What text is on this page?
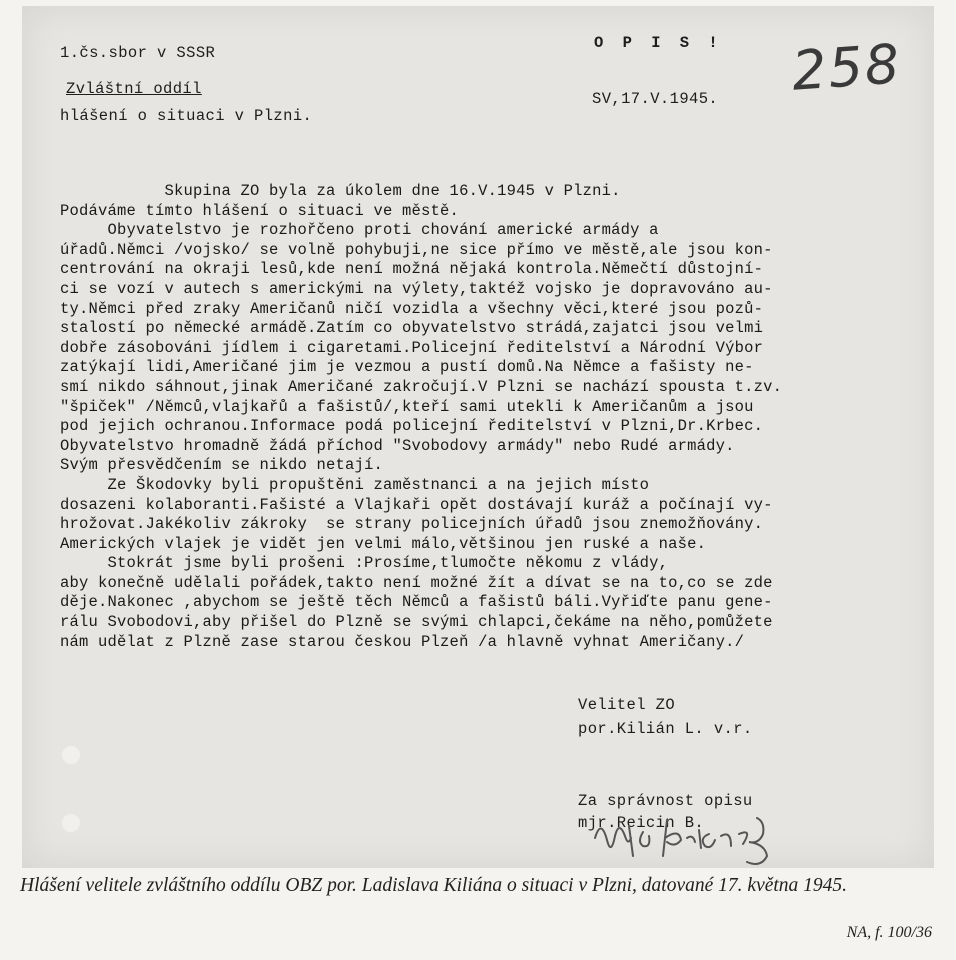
1.čs.sbor v SSSR
Zvláštní oddíl
hlášení o situaci v Plzni.
O P I S !
SV,17.V.1945. 258
Skupina ZO byla za úkolem dne 16.V.1945 v Plzni.
Podáváme tímto hlášení o situaci ve městě.
Obyvatelstvo je rozhořčeno proti chování americké armády a
úřadů.Němci /vojsko/ se volně pohybuji,ne sice přímo ve městě,ale jsou kon-
centrování na okraji lesů,kde není možná nějaká kontrola.Němečtí důstojní-
ci se vozí v autech s americkými na výlety,taktéž vojsko je dopravováno au-
ty.Němci před zraky Američanů ničí vozidla a všechny věci,které jsou pozů-
stalostí po německé armádě.Zatím co obyvatelstvo strádá,zajatci jsou velmi
dobře zásobováni jídlem i cigaretami.Policejní ředitelství a Národní Výbor
zatýkají lidi,Američané jim je vezmou a pustí domů.Na Němce a fašisty ne-
smí nikdo sáhnout,jinak Američané zakročují.V Plzni se nachází spousta t.zv.
"špiček" /Němců,vlajkařů a fašistů/,kteří sami utekli k Američanům a jsou
pod jejich ochranou.Informace podá policejní ředitelství v Plzni,Dr.Krbec.
Obyvatelstvo hromadně žádá příchod "Svobodovy armády" nebo Rudé armády.
Svým přesvědčením se nikdo netají.
Ze Škodovky byli propuštěni zaměstnanci a na jejich místo
dosazeni kolaboranti.Fašisté a Vlajkaři opět dostávají kuráž a počínají vy-
hrožovat.Jakékoliv zákroky  se strany policejních úřadů jsou znemožňovány.
Amerických vlajek je vidět jen velmi málo,většinou jen ruské a naše.
Stokrát jsme byli prošeni :Prosíme,tlumočte někomu z vlády,
aby konečně udělali pořádek,takto není možné žít a dívat se na to,co se zde
děje.Nakonec ,abychom se ještě těch Němců a fašistů báli.Vyřiďte panu gene-
rálu Svobodovi,aby přišel do Plzně se svými chlapci,čekáme na něho,pomůžete
nám udělat z Plzně zase starou českou Plzeň /a hlavně vyhnat Američany./
Velitel ZO
por.Kilián L. v.r.
Za správnost opisu
mjr.Reicin B.
Hlášení velitele zvláštního oddílu OBZ por. Ladislava Kiliána o situaci v Plzni, datované 17. května 1945.
NA, f. 100/36
